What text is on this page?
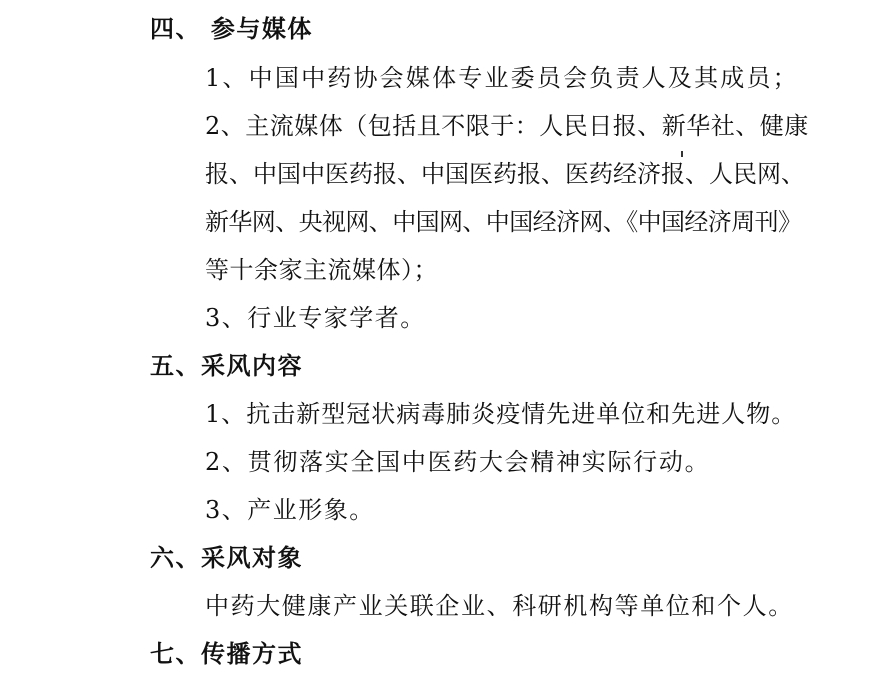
四、 参与媒体
1、中国中药协会媒体专业委员会负责人及其成员；
2、主流媒体（包括且不限于：人民日报、新华社、健康
报、中国中医药报、中国医药报、医药经济报、人民网、
新华网、央视网、中国网、中国经济网、《中国经济周刊》
等十余家主流媒体）；
3、行业专家学者。
五、采风内容
1、抗击新型冠状病毒肺炎疫情先进单位和先进人物。
2、贯彻落实全国中医药大会精神实际行动。
3、产业形象。
六、采风对象
中药大健康产业关联企业、科研机构等单位和个人。
七、传播方式
